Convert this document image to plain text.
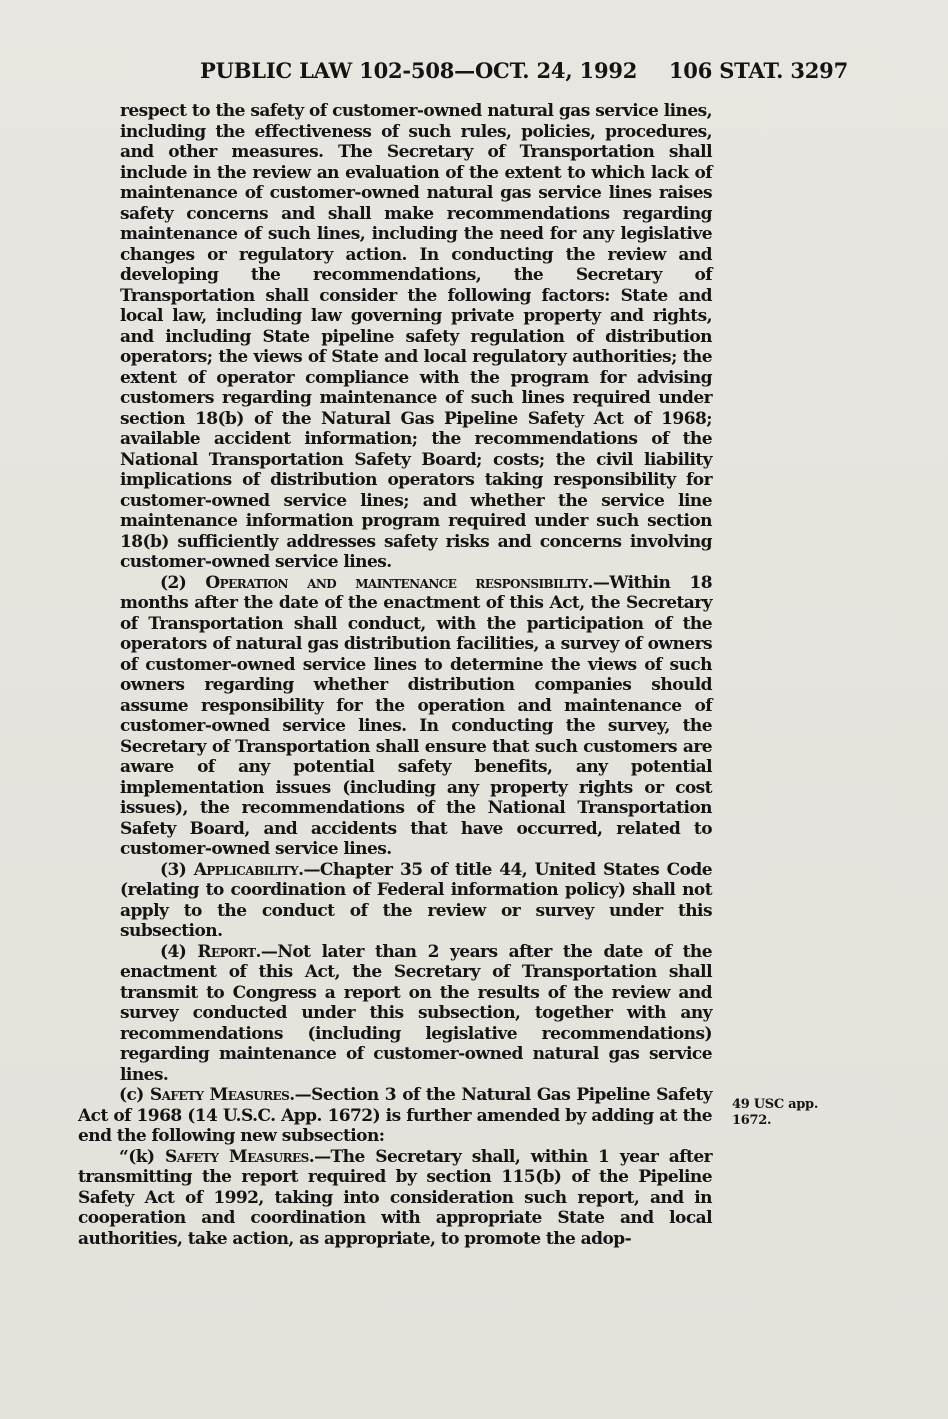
PUBLIC LAW 102-508—OCT. 24, 1992 106 STAT. 3297

respect to the safety of customer-owned natural gas service lines, including the effectiveness of such rules, policies, procedures, and other measures. The Secretary of Transportation shall include in the review an evaluation of the extent to which lack of maintenance of customer-owned natural gas service lines raises safety concerns and shall make recommendations regarding maintenance of such lines, including the need for any legislative changes or regulatory action. In conducting the review and developing the recommendations, the Secretary of Transportation shall consider the following factors: State and local law, including law governing private property and rights, and including State pipeline safety regulation of distribution operators; the views of State and local regulatory authorities; the extent of operator compliance with the program for advising customers regarding maintenance of such lines required under section 18(b) of the Natural Gas Pipeline Safety Act of 1968; available accident information; the recommendations of the National Transportation Safety Board; costs; the civil liability implications of distribution operators taking responsibility for customer-owned service lines; and whether the service line maintenance information program required under such section 18(b) sufficiently addresses safety risks and concerns involving customer-owned service lines.

(2) Operation and maintenance responsibility.—Within 18 months after the date of the enactment of this Act, the Secretary of Transportation shall conduct, with the participation of the operators of natural gas distribution facilities, a survey of owners of customer-owned service lines to determine the views of such owners regarding whether distribution companies should assume responsibility for the operation and maintenance of customer-owned service lines. In conducting the survey, the Secretary of Transportation shall ensure that such customers are aware of any potential safety benefits, any potential implementation issues (including any property rights or cost issues), the recommendations of the National Transportation Safety Board, and accidents that have occurred, related to customer-owned service lines.

(3) Applicability.—Chapter 35 of title 44, United States Code (relating to coordination of Federal information policy) shall not apply to the conduct of the review or survey under this subsection.

(4) Report.—Not later than 2 years after the date of the enactment of this Act, the Secretary of Transportation shall transmit to Congress a report on the results of the review and survey conducted under this subsection, together with any recommendations (including legislative recommendations) regarding maintenance of customer-owned natural gas service lines.

(c) Safety Measures.—Section 3 of the Natural Gas Pipeline Safety Act of 1968 (14 U.S.C. App. 1672) is further amended by adding at the end the following new subsection:

“(k) Safety Measures.—The Secretary shall, within 1 year after transmitting the report required by section 115(b) of the Pipeline Safety Act of 1992, taking into consideration such report, and in cooperation and coordination with appropriate State and local authorities, take action, as appropriate, to promote the adop-

49 USC app. 1672.
